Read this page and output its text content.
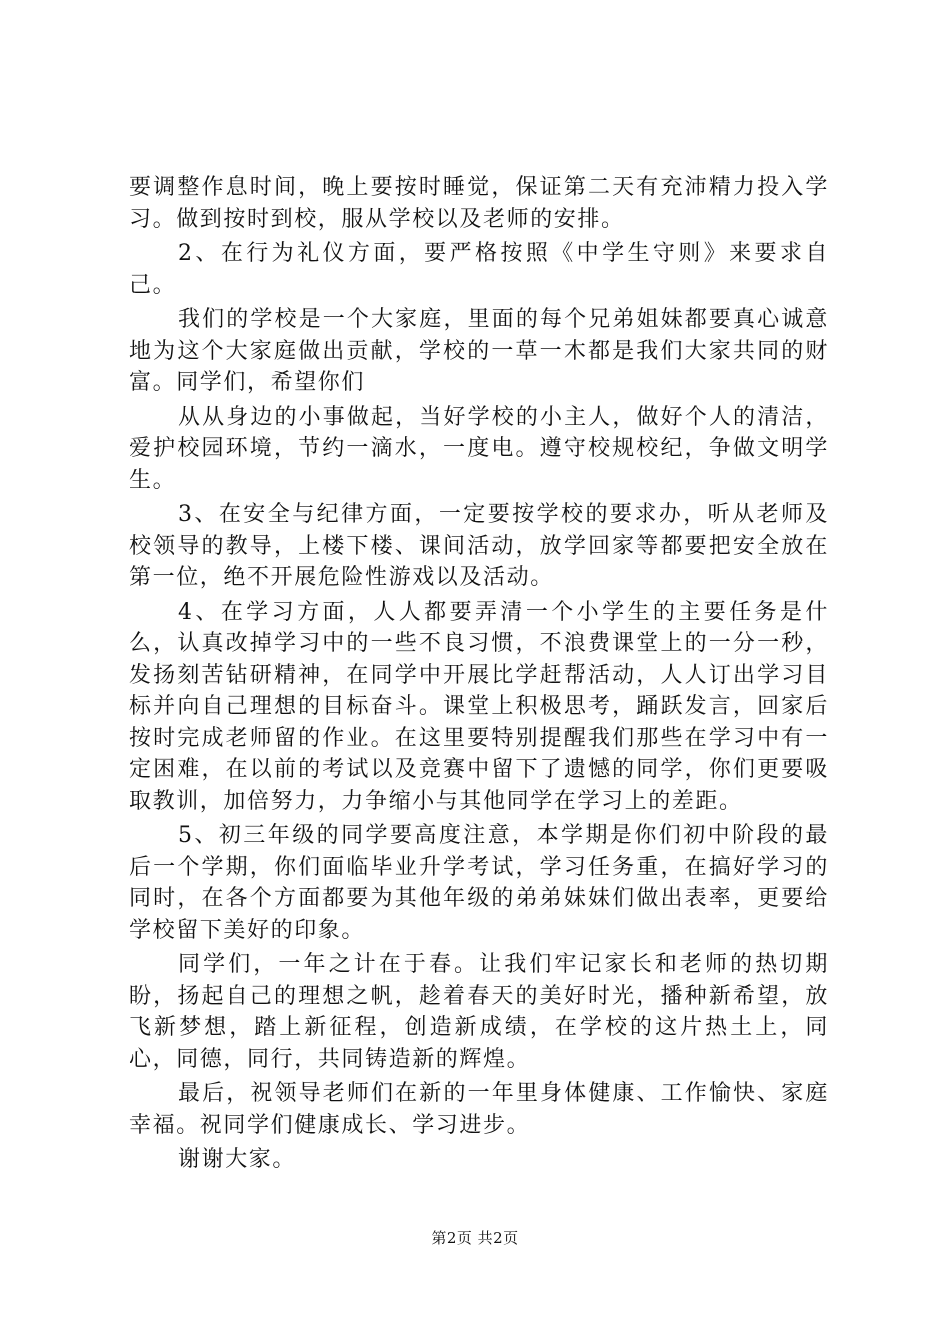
要调整作息时间，晚上要按时睡觉，保证第二天有充沛精力投入学习。做到按时到校，服从学校以及老师的安排。

2、在行为礼仪方面，要严格按照《中学生守则》来要求自己。

我们的学校是一个大家庭，里面的每个兄弟姐妹都要真心诚意地为这个大家庭做出贡献，学校的一草一木都是我们大家共同的财富。同学们，希望你们

从从身边的小事做起，当好学校的小主人，做好个人的清洁，爱护校园环境，节约一滴水，一度电。遵守校规校纪，争做文明学生。

3、在安全与纪律方面，一定要按学校的要求办，听从老师及校领导的教导，上楼下楼、课间活动，放学回家等都要把安全放在第一位，绝不开展危险性游戏以及活动。

4、在学习方面，人人都要弄清一个小学生的主要任务是什么，认真改掉学习中的一些不良习惯，不浪费课堂上的一分一秒，发扬刻苦钻研精神，在同学中开展比学赶帮活动，人人订出学习目标并向自己理想的目标奋斗。课堂上积极思考，踊跃发言，回家后按时完成老师留的作业。在这里要特别提醒我们那些在学习中有一定困难，在以前的考试以及竞赛中留下了遗憾的同学，你们更要吸取教训，加倍努力，力争缩小与其他同学在学习上的差距。

5、初三年级的同学要高度注意，本学期是你们初中阶段的最后一个学期，你们面临毕业升学考试，学习任务重，在搞好学习的同时，在各个方面都要为其他年级的弟弟妹妹们做出表率，更要给学校留下美好的印象。

同学们，一年之计在于春。让我们牢记家长和老师的热切期盼，扬起自己的理想之帆，趁着春天的美好时光，播种新希望，放飞新梦想，踏上新征程，创造新成绩，在学校的这片热土上，同心，同德，同行，共同铸造新的辉煌。

最后，祝领导老师们在新的一年里身体健康、工作愉快、家庭幸福。祝同学们健康成长、学习进步。

谢谢大家。

第2页 共2页
